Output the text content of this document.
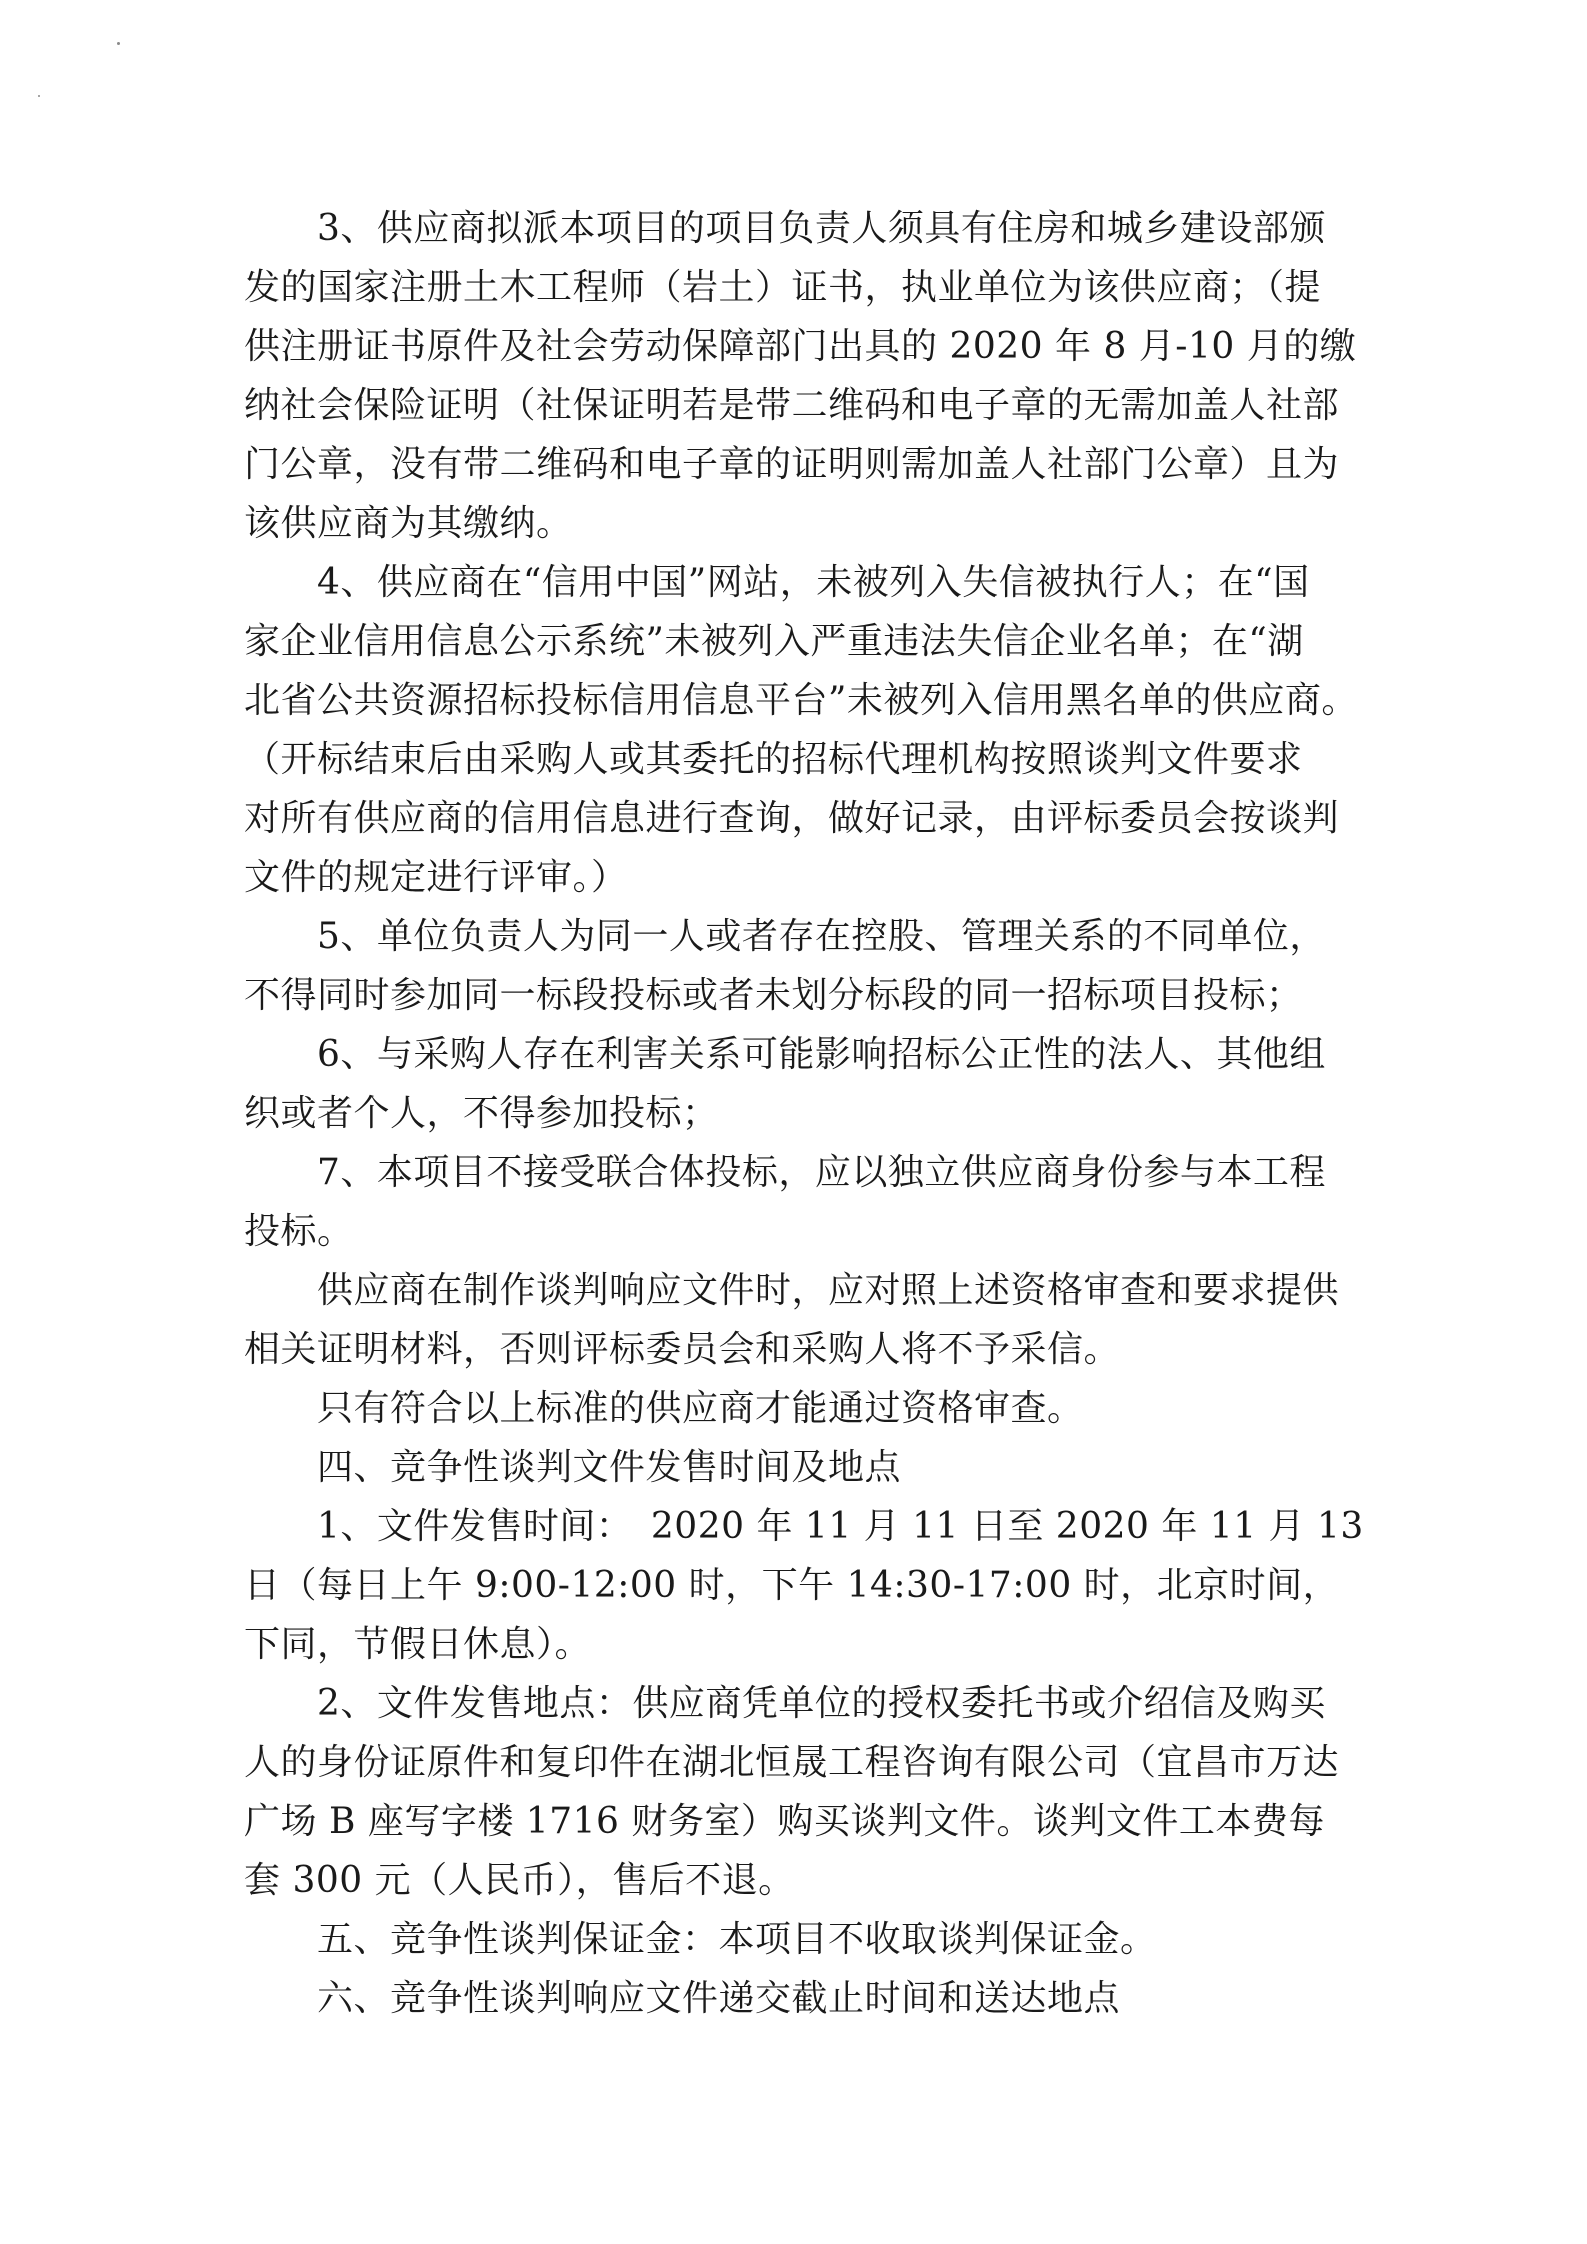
　　3、供应商拟派本项目的项目负责人须具有住房和城乡建设部颁
发的国家注册土木工程师（岩土）证书，执业单位为该供应商；（提
供注册证书原件及社会劳动保障部门出具的 2020 年 8 月-10 月的缴
纳社会保险证明（社保证明若是带二维码和电子章的无需加盖人社部
门公章，没有带二维码和电子章的证明则需加盖人社部门公章）且为
该供应商为其缴纳。
　　4、供应商在“信用中国”网站，未被列入失信被执行人；在“国
家企业信用信息公示系统”未被列入严重违法失信企业名单；在“湖
北省公共资源招标投标信用信息平台”未被列入信用黑名单的供应商。
（开标结束后由采购人或其委托的招标代理机构按照谈判文件要求
对所有供应商的信用信息进行查询，做好记录，由评标委员会按谈判
文件的规定进行评审。）
　　5、单位负责人为同一人或者存在控股、管理关系的不同单位，
不得同时参加同一标段投标或者未划分标段的同一招标项目投标；
　　6、与采购人存在利害关系可能影响招标公正性的法人、其他组
织或者个人，不得参加投标；
　　7、本项目不接受联合体投标，应以独立供应商身份参与本工程
投标。
　　供应商在制作谈判响应文件时，应对照上述资格审查和要求提供
相关证明材料，否则评标委员会和采购人将不予采信。
　　只有符合以上标准的供应商才能通过资格审查。
　　四、竞争性谈判文件发售时间及地点
　　1、文件发售时间：　2020 年 11 月 11 日至 2020 年 11 月 13
日（每日上午 9:00-12:00 时，下午 14:30-17:00 时，北京时间，
下同，节假日休息）。
　　2、文件发售地点：供应商凭单位的授权委托书或介绍信及购买
人的身份证原件和复印件在湖北恒晟工程咨询有限公司（宜昌市万达
广场 B 座写字楼 1716 财务室）购买谈判文件。谈判文件工本费每
套 300 元（人民币），售后不退。
　　五、竞争性谈判保证金：本项目不收取谈判保证金。
　　六、竞争性谈判响应文件递交截止时间和送达地点
